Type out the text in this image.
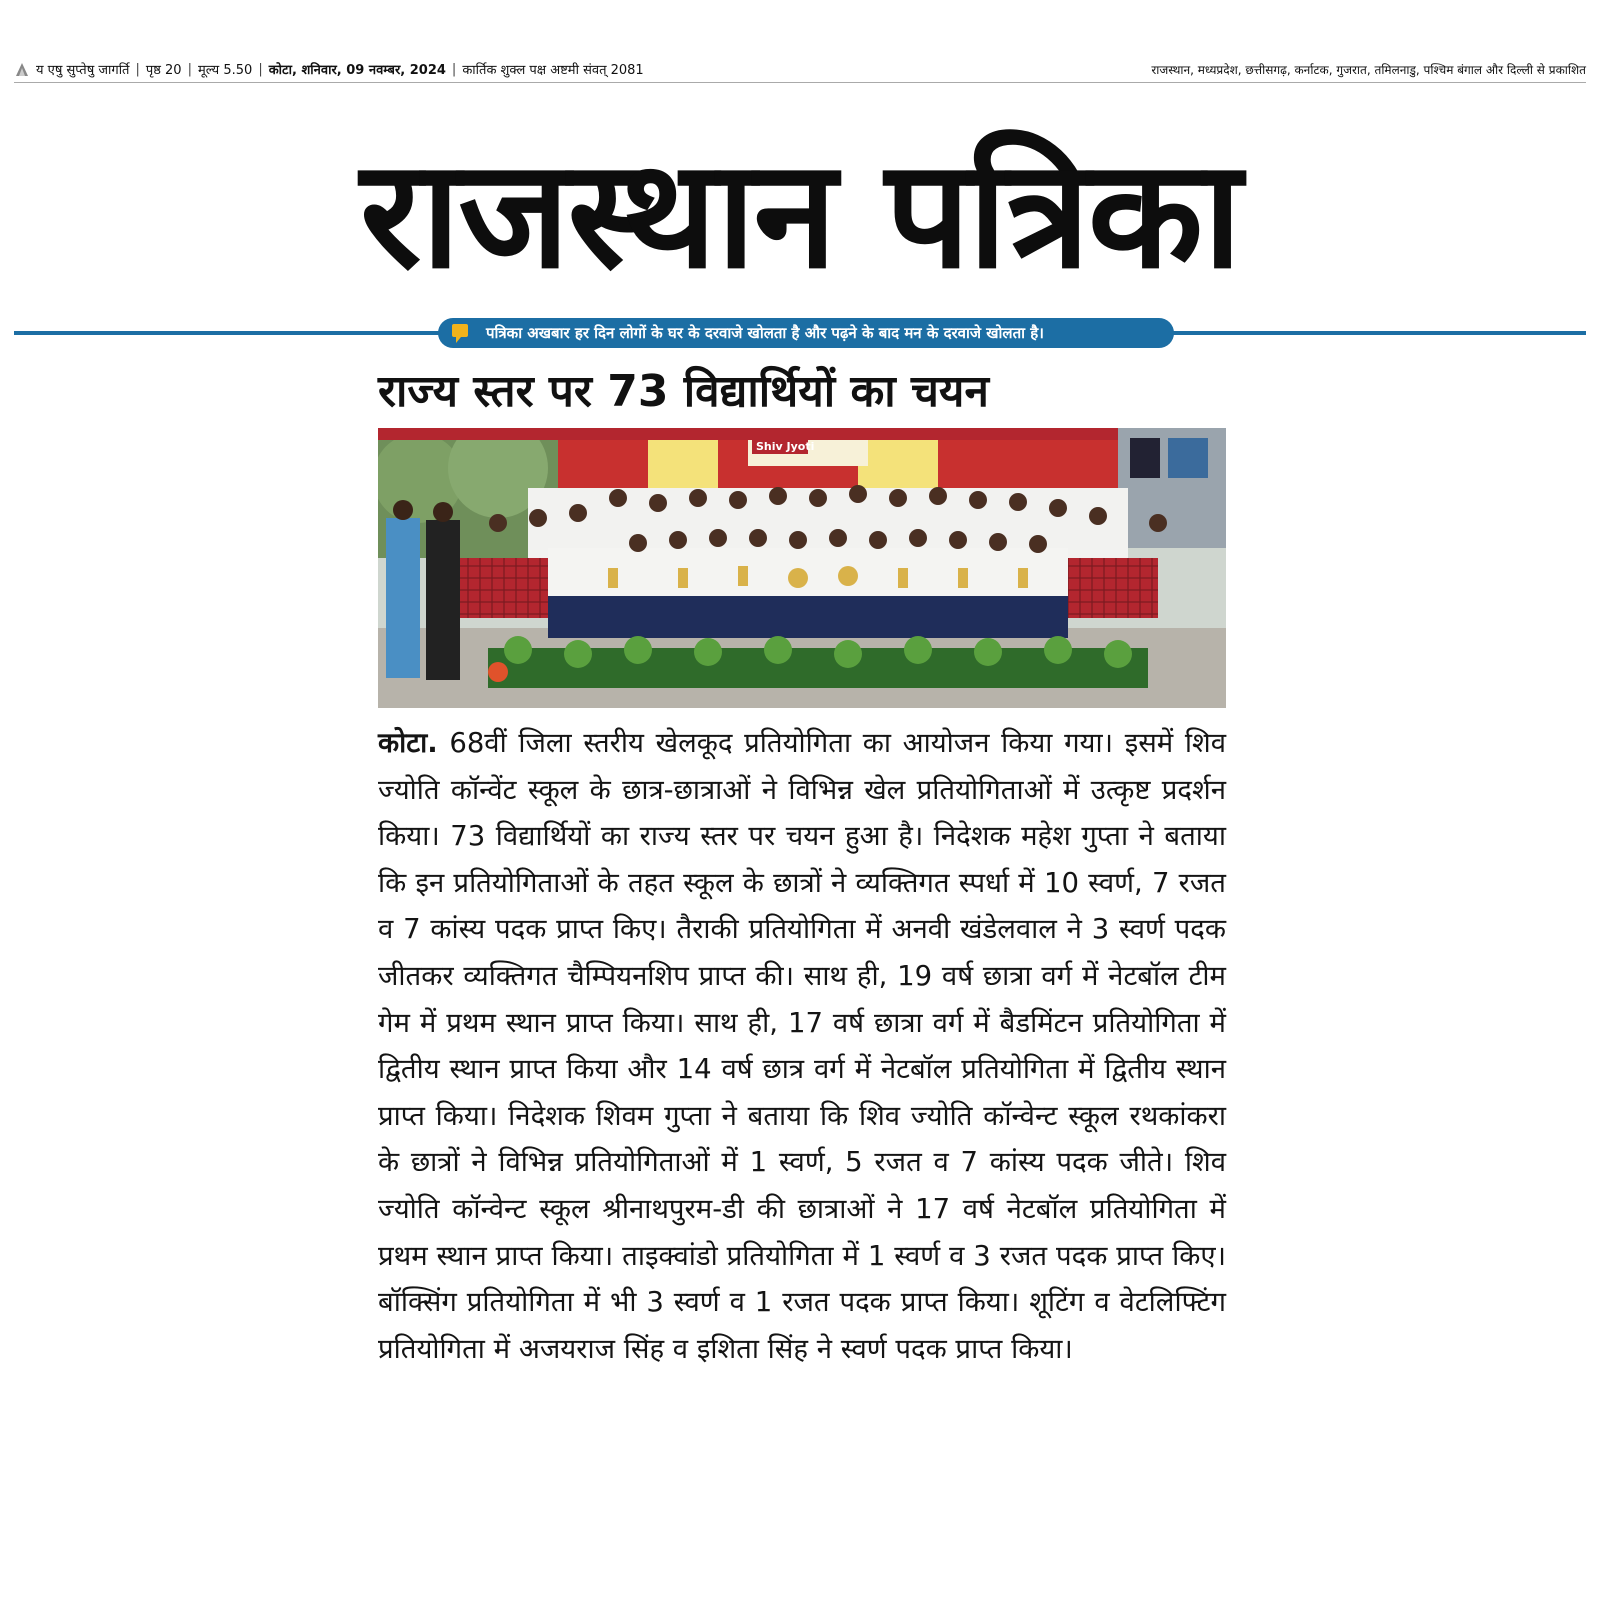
य एषु सुप्तेषु जागर्ति | पृष्ठ 20 | मूल्य 5.50 | कोटा, शनिवार, 09 नवम्बर, 2024 | कार्तिक शुक्ल पक्ष अष्टमी संवत् 2081	राजस्थान, मध्यप्रदेश, छत्तीसगढ़, कर्नाटक, गुजरात, तमिलनाडु, पश्चिम बंगाल और दिल्ली से प्रकाशित
राजस्थान पत्रिका
पत्रिका अखबार हर दिन लोगों के घर के दरवाजे खोलता है और पढ़ने के बाद मन के दरवाजे खोलता है।
राज्य स्तर पर 73 विद्यार्थियों का चयन
Shiv Jyoti
कोटा. 68वीं जिला स्तरीय खेलकूद प्रतियोगिता का आयोजन किया गया। इसमें शिव ज्योति कॉन्वेंट स्कूल के छात्र-छात्राओं ने विभिन्न खेल प्रतियोगिताओं में उत्कृष्ट प्रदर्शन किया। 73 विद्यार्थियों का राज्य स्तर पर चयन हुआ है। निदेशक महेश गुप्ता ने बताया कि इन प्रतियोगिताओं के तहत स्कूल के छात्रों ने व्यक्तिगत स्पर्धा में 10 स्वर्ण, 7 रजत व 7 कांस्य पदक प्राप्त किए। तैराकी प्रतियोगिता में अनवी खंडेलवाल ने 3 स्वर्ण पदक जीतकर व्यक्तिगत चैम्पियनशिप प्राप्त की। साथ ही, 19 वर्ष छात्रा वर्ग में नेटबॉल टीम गेम में प्रथम स्थान प्राप्त किया। साथ ही, 17 वर्ष छात्रा वर्ग में बैडमिंटन प्रतियोगिता में द्वितीय स्थान प्राप्त किया और 14 वर्ष छात्र वर्ग में नेटबॉल प्रतियोगिता में द्वितीय स्थान प्राप्त किया। निदेशक शिवम गुप्ता ने बताया कि शिव ज्योति कॉन्वेन्ट स्कूल रथकांकरा के छात्रों ने विभिन्न प्रतियोगिताओं में 1 स्वर्ण, 5 रजत व 7 कांस्य पदक जीते। शिव ज्योति कॉन्वेन्ट स्कूल श्रीनाथपुरम-डी की छात्राओं ने 17 वर्ष नेटबॉल प्रतियोगिता में प्रथम स्थान प्राप्त किया। ताइक्वांडो प्रतियोगिता में 1 स्वर्ण व 3 रजत पदक प्राप्त किए। बॉक्सिंग प्रतियोगिता में भी 3 स्वर्ण व 1 रजत पदक प्राप्त किया। शूटिंग व वेटलिफ्टिंग प्रतियोगिता में अजयराज सिंह व इशिता सिंह ने स्वर्ण पदक प्राप्त किया।
